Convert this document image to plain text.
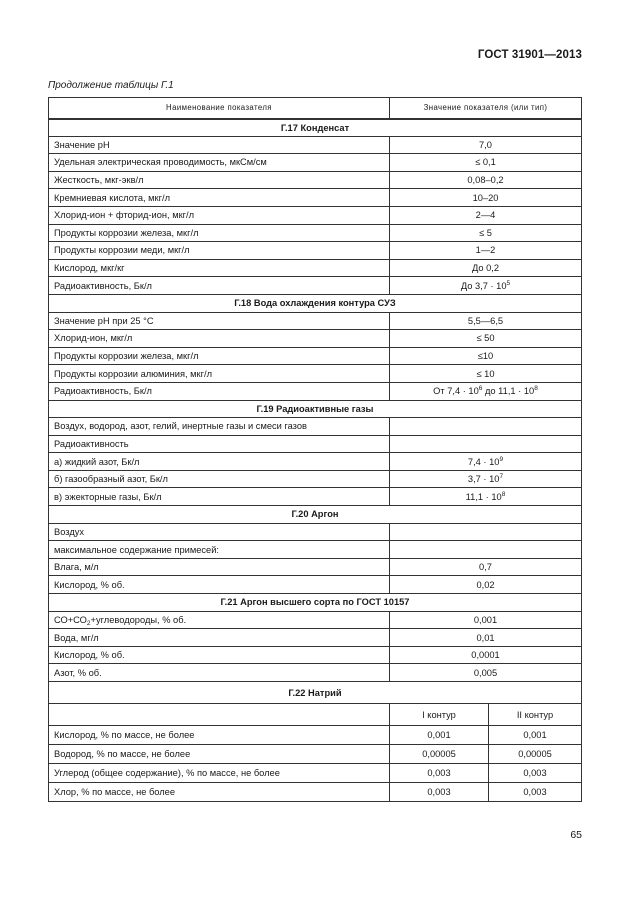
ГОСТ 31901—2013
Продолжение таблицы Г.1
Наименование показателя	Значение показателя (или тип)	
Г.17 Конденсат		
Значение рН	7,0	
Удельная электрическая проводимость, мкСм/см	≤ 0,1	
Жесткость, мкг-экв/л	0,08–0,2	
Кремниевая кислота, мкг/л	10–20	
Хлорид-ион + фторид-ион, мкг/л	2—4	
Продукты коррозии железа, мкг/л	≤ 5	
Продукты коррозии меди, мкг/л	1—2	
Кислород, мкг/кг	До 0,2	
Радиоактивность, Бк/л	До $3,7 \cdot 10^5$
Г.18 Вода охлаждения контура СУЗ		
Значение рН при 25 °С	5,5—6,5	
Хлорид-ион, мкг/л	≤ 50	
Продукты коррозии железа, мкг/л	≤10	
Продукты коррозии алюминия, мкг/л	≤ 10	
Радиоактивность, Бк/л	От $7,4 \cdot 10^6$ до $11,1 \cdot 10^8$
Г.19 Радиоактивные газы		
Воздух, водород, азот, гелий, инертные газы и смеси газов		
Радиоактивность		
а) жидкий азот, Бк/л	$7,4 \cdot 10^9$
б) газообразный азот, Бк/л	$3,7 \cdot 10^7$
в) эжекторные газы, Бк/л	$11,1 \cdot 10^8$
Г.20 Аргон		
Воздух		
максимальное содержание примесей:		
Влага, м/л	0,7	
Кислород, % об.	0,02	
Г.21 Аргон высшего сорта по ГОСТ 10157		
$СО+СО_2+углеводороды$, % об.	0,001	
Вода, мг/л	0,01	
Кислород, % об.	0,0001	
Азот, % об.	0,005	
Г.22 Натрий		
	I контур	II контур
Кислород, % по массе, не более	0,001	0,001
Водород, % по массе, не более	0,00005	0,00005
Углерод (общее содержание), % по массе, не более	0,003	0,003
Хлор, % по массе, не более	0,003	0,003
65
